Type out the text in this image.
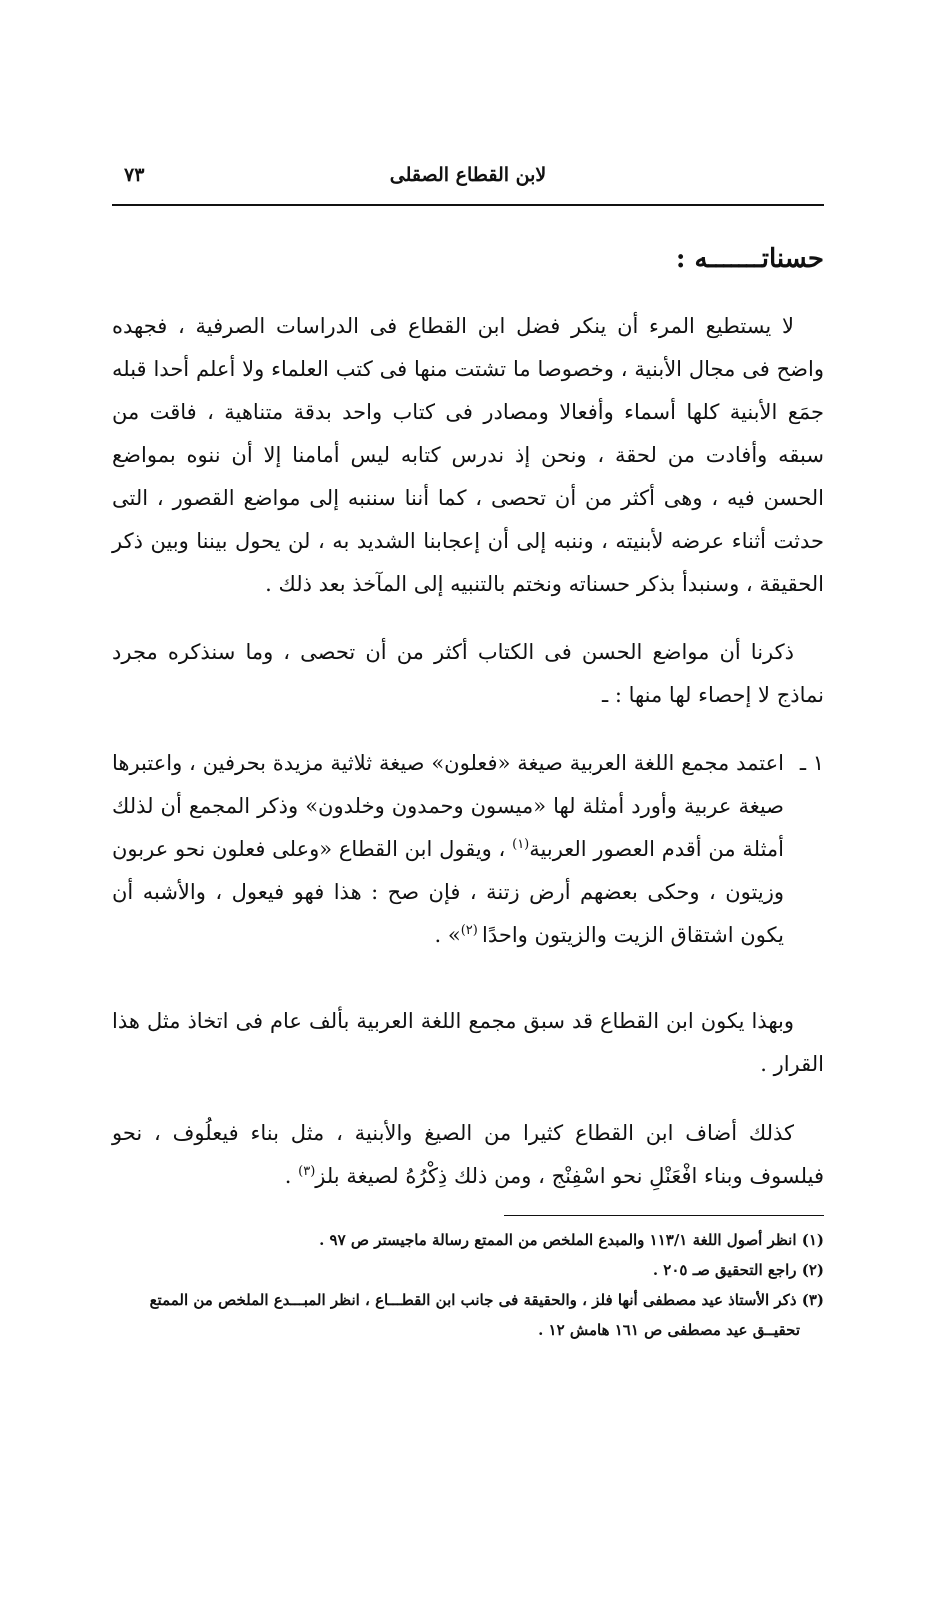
لابن القطاع الصقلى
٧٣
حسناتـــــــه :

لا يستطيع المرء أن ينكر فضل ابن القطاع فى الدراسات الصرفية ، فجهده واضح فى مجال الأبنية ، وخصوصا ما تشتت منها فى كتب العلماء ولا أعلم أحدا قبله جمَع الأبنية كلها أسماء وأفعالا ومصادر فى كتاب واحد بدقة متناهية ، فاقت من سبقه وأفادت من لحقة ، ونحن إذ ندرس كتابه ليس أمامنا إلا أن ننوه بمواضع الحسن فيه ، وهى أكثر من أن تحصى ، كما أننا سننبه إلى مواضع القصور ، التى حدثت أثناء عرضه لأبنيته ، وننبه إلى أن إعجابنا الشديد به ، لن يحول بيننا وبين ذكر الحقيقة ، وسنبدأ بذكر حسناته ونختم بالتنبيه إلى المآخذ بعد ذلك .

ذكرنا أن مواضع الحسن فى الكتاب أكثر من أن تحصى ، وما سنذكره مجرد نماذج لا إحصاء لها منها : ـ

١ ـ
اعتمد مجمع اللغة العربية صيغة «فعلون» صيغة ثلاثية مزيدة بحرفين ، واعتبرها صيغة عربية وأورد أمثلة لها «ميسون وحمدون وخلدون» وذكر المجمع أن لذلك أمثلة من أقدم العصور العربية$^{(١)}$ ، ويقول ابن القطاع «وعلى فعلون نحو عربون وزيتون ، وحكى بعضهم أرض زتنة ، فإن صح : هذا فهو فيعول ، والأشبه أن يكون اشتقاق الزيت والزيتون واحدًا $^{(٢)}$» .

وبهذا يكون ابن القطاع قد سبق مجمع اللغة العربية بألف عام فى اتخاذ مثل هذا القرار .

كذلك أضاف ابن القطاع كثيرا من الصيغ والأبنية ، مثل بناء فيعلُوف ، نحو فيلسوف وبناء افْعَنْلِ نحو اسْفِنْج ، ومن ذلك ذِكْرُهُ لصيغة بلز$^{(٣)}$ .

(١) انظر أصول اللغة ١١٣/١ والمبدع الملخص من الممتع رسالة ماجيستر ص ٩٧ .

(٢) راجع التحقيق صـ ٢٠٥ .

(٣) ذكر الأستاذ عيد مصطفى أنها فلز ، والحقيقة فى جانب ابن القطـــاع ، انظر المبـــدع الملخص من الممتع

تحقيــق عيد مصطفى ص ١٦١ هامش ١٢ .
